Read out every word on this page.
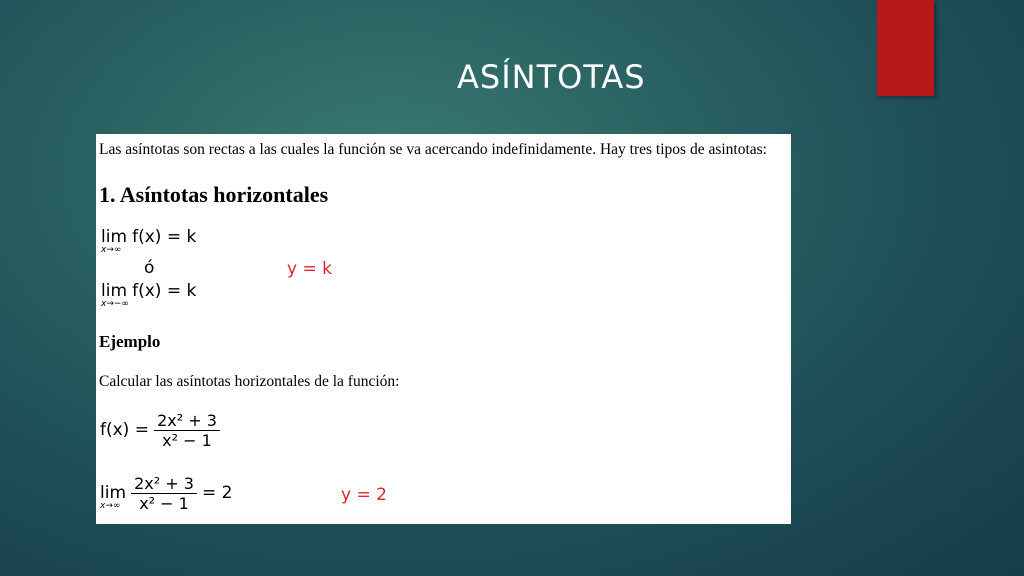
ASÍNTOTAS
Las asíntotas son rectas a las cuales la función se va acercando indefinidamente. Hay tres tipos de asintotas:
1. Asíntotas horizontales
lim
x→∞
f(x) = k
ó	y = k
lim
x→−∞
f(x) = k
Ejemplo
Calcular las asíntotas horizontales de la función:
$f(x) = \frac{\text{2x² + 3}}{\text{x² − 1}}$
lim
x→∞
$\frac{\text{2x² + 3}}{\text{x² − 1}} = 2$	y = 2
